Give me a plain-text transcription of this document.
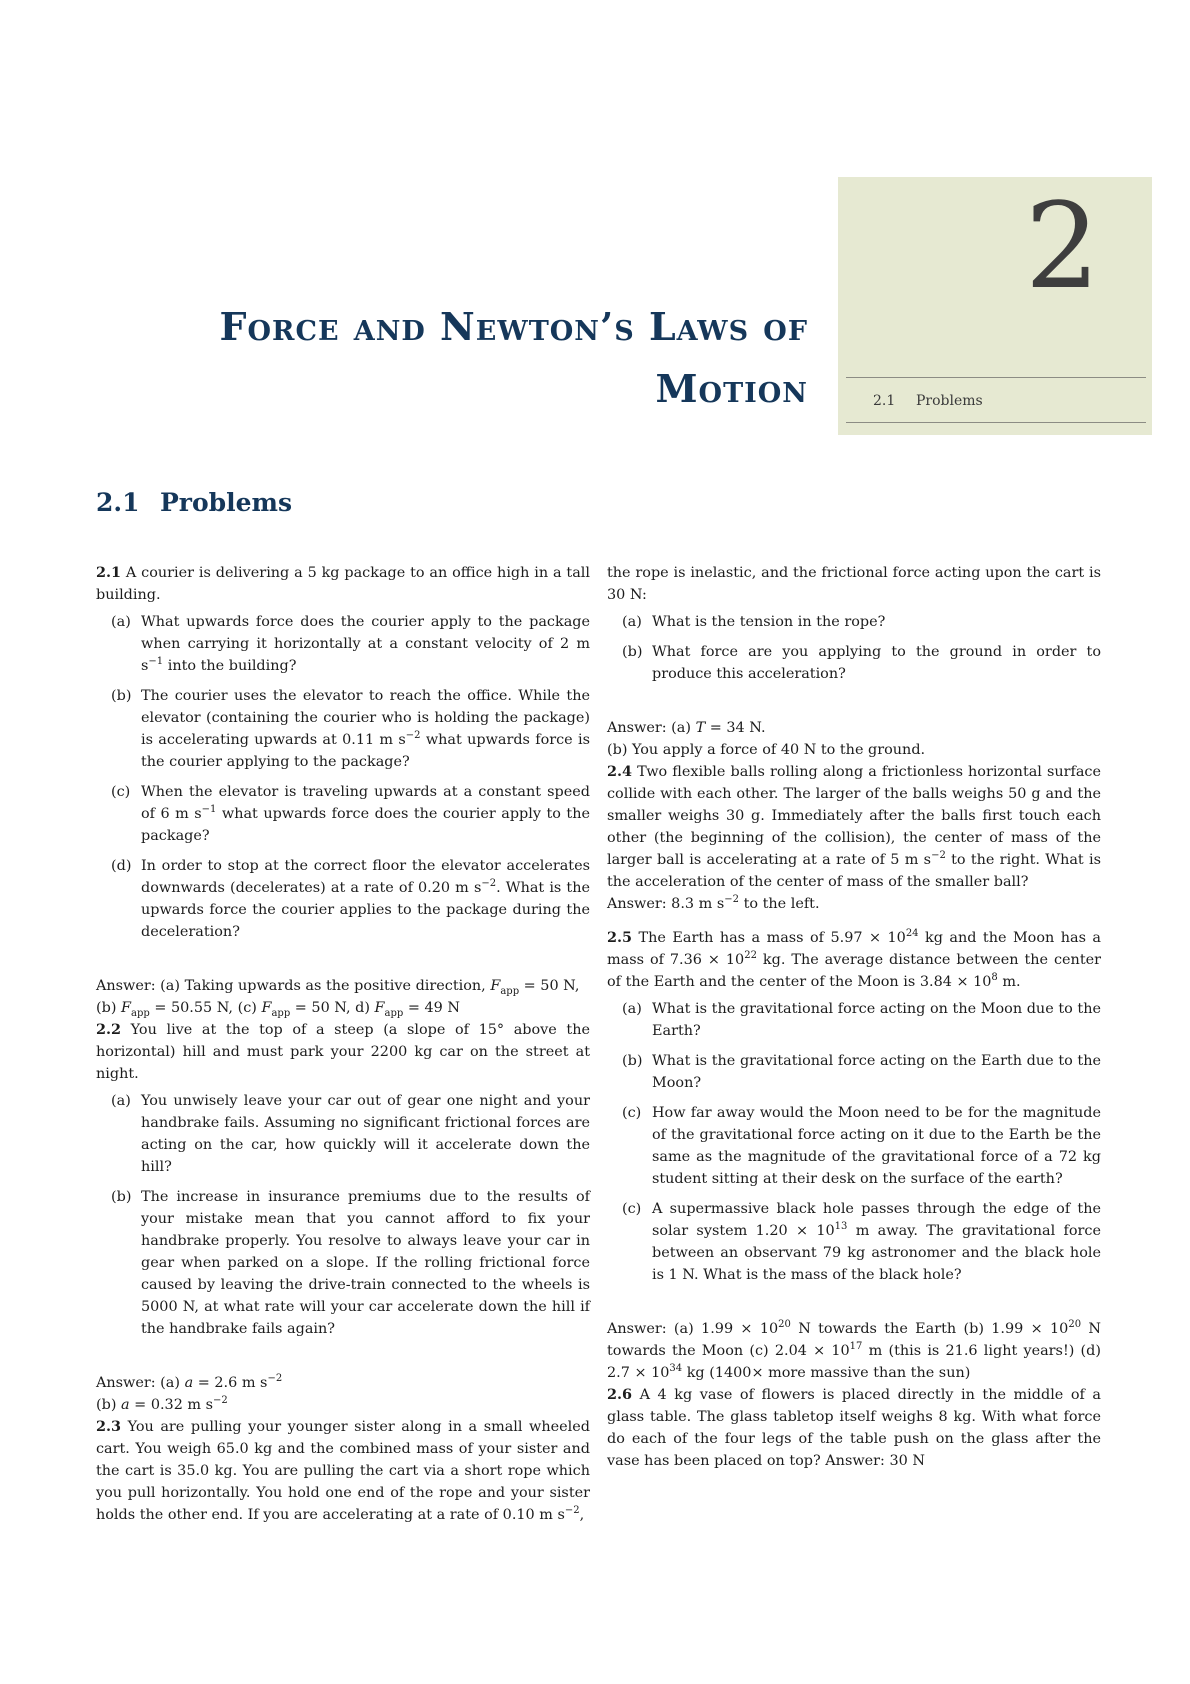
2
2.1 Problems
Force and Newton’s Laws of
Motion
2.1 Problems

2.1 A courier is delivering a 5 kg package to an office high in a tall building.

(a) What upwards force does the courier apply to the package when carrying it horizontally at a constant velocity of 2 m $s^{-1}$ into the building?
(b) The courier uses the elevator to reach the office. While the elevator (containing the courier who is holding the package) is accelerating upwards at 0.11 m $s^{-2}$ what upwards force is the courier applying to the package?
(c) When the elevator is traveling upwards at a constant speed of 6 m $s^{-1}$ what upwards force does the courier apply to the package?
(d) In order to stop at the correct floor the elevator accelerates downwards (decelerates) at a rate of 0.20 m $s^{-2}$. What is the upwards force the courier applies to the package during the deceleration?

Answer: (a) Taking upwards as the positive direction, $F_{app} = 50$ N,
(b) $F_{app} = 50.55$ N, (c) $F_{app} = 50$ N, d) $F_{app} = 49$ N

2.2 You live at the top of a steep (a slope of 15° above the horizontal) hill and must park your 2200 kg car on the street at night.

(a) You unwisely leave your car out of gear one night and your handbrake fails. Assuming no significant frictional forces are acting on the car, how quickly will it accelerate down the hill?
(b) The increase in insurance premiums due to the results of your mistake mean that you cannot afford to fix your handbrake properly. You resolve to always leave your car in gear when parked on a slope. If the rolling frictional force caused by leaving the drive-train connected to the wheels is 5000 N, at what rate will your car accelerate down the hill if the handbrake fails again?

Answer: (a) a = 2.6 m $s^{-2}$
(b) a = 0.32 m $s^{-2}$

2.3 You are pulling your younger sister along in a small wheeled cart. You weigh 65.0 kg and the combined mass of your sister and the cart is 35.0 kg. You are pulling the cart via a short rope which you pull horizontally. You hold one end of the rope and your sister holds the other end. If you are accelerating at a rate of 0.10 m $s^{-2}$,

the rope is inelastic, and the frictional force acting upon the cart is 30 N:

(a) What is the tension in the rope?
(b) What force are you applying to the ground in order to produce this acceleration?

Answer: (a) T = 34 N.
(b) You apply a force of 40 N to the ground.

2.4 Two flexible balls rolling along a frictionless horizontal surface collide with each other. The larger of the balls weighs 50 g and the smaller weighs 30 g. Immediately after the balls first touch each other (the beginning of the collision), the center of mass of the larger ball is accelerating at a rate of 5 m $s^{-2}$ to the right. What is the acceleration of the center of mass of the smaller ball?
Answer: 8.3 m $s^{-2}$ to the left.

2.5 The Earth has a mass of $5.97 \times 10^{24}$ kg and the Moon has a mass of $7.36 \times 10^{22}$ kg. The average distance between the center of the Earth and the center of the Moon is $3.84 \times 10^8$ m.

(a) What is the gravitational force acting on the Moon due to the Earth?
(b) What is the gravitational force acting on the Earth due to the Moon?
(c) How far away would the Moon need to be for the magnitude of the gravitational force acting on it due to the Earth be the same as the magnitude of the gravitational force of a 72 kg student sitting at their desk on the surface of the earth?
(c) A supermassive black hole passes through the edge of the solar system $1.20 \times 10^{13}$ m away. The gravitational force between an observant 79 kg astronomer and the black hole is 1 N. What is the mass of the black hole?

Answer: (a) $1.99 \times 10^{20}$ N towards the Earth (b) $1.99 \times 10^{20}$ N towards the Moon (c) $2.04 \times 10^{17}$ m (this is 21.6 light years!) (d) $2.7 \times 10^{34}$ kg (1400× more massive than the sun)

2.6 A 4 kg vase of flowers is placed directly in the middle of a glass table. The glass tabletop itself weighs 8 kg. With what force do each of the four legs of the table push on the glass after the vase has been placed on top? Answer: 30 N
